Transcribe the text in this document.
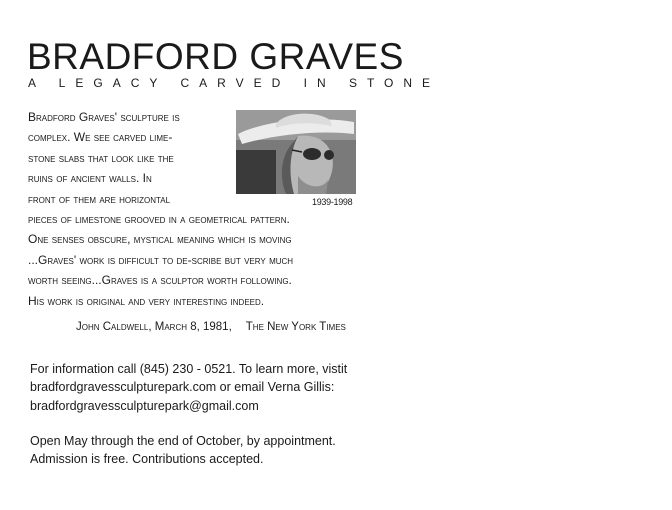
BRADFORD GRAVES
A LEGACY CARVED IN STONE
1939-1998
Bradford Graves' sculpture is
complex. We see carved lime-
stone slabs that look like the
ruins of ancient walls. In
front of them are horizontal
pieces of limestone grooved in a geometrical pattern.
One senses obscure, mystical meaning which is moving
...Graves' work is difficult to de-scribe but very much
worth seeing...Graves is a sculptor worth following.
His work is original and very interesting indeed.
John Caldwell, March 8, 1981, The New York Times
For information call (845) 230 - 0521. To learn more, vistit
bradfordgravessculpturepark.com or email Verna Gillis:
bradfordgravessculpturepark@gmail.com
Open May through the end of October, by appointment.
Admission is free. Contributions accepted.
